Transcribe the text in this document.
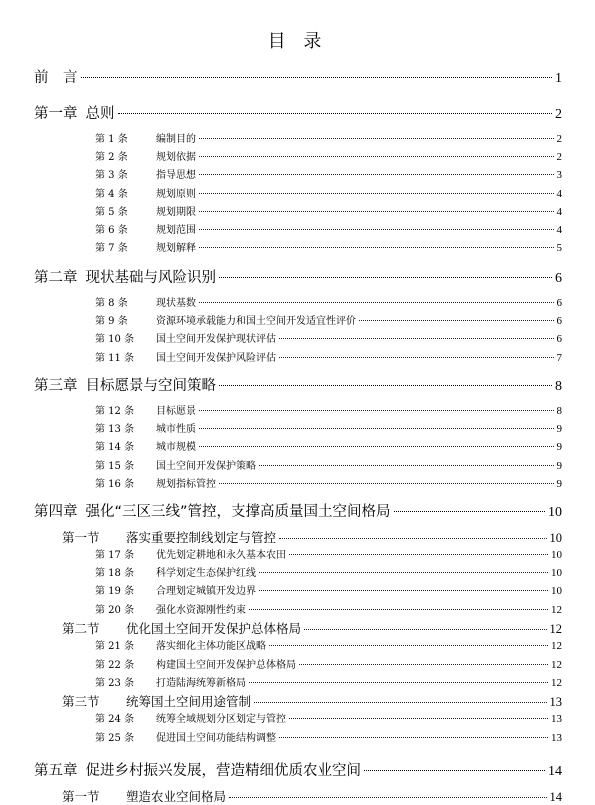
目 录
前　言	1
第一章 总则	2
第 1 条	编制目的	2
第 2 条	规划依据	2
第 3 条	指导思想	3
第 4 条	规划原则	4
第 5 条	规划期限	4
第 6 条	规划范围	4
第 7 条	规划解释	5
第二章 现状基础与风险识别	6
第 8 条	现状基数	6
第 9 条	资源环境承载能力和国土空间开发适宜性评价	6
第 10 条 国土空间开发保护现状评估	6
第 11 条 国土空间开发保护风险评估	7
第三章 目标愿景与空间策略	8
第 12 条 目标愿景	8
第 13 条 城市性质	9
第 14 条 城市规模	9
第 15 条 国土空间开发保护策略	9
第 16 条 规划指标管控	9
第四章 强化“三区三线”管控，支撑高质量国土空间格局	10
第一节 落实重要控制线划定与管控	10
第 17 条 优先划定耕地和永久基本农田	10
第 18 条 科学划定生态保护红线	10
第 19 条 合理划定城镇开发边界	10
第 20 条 强化水资源刚性约束	12
第二节 优化国土空间开发保护总体格局	12
第 21 条 落实细化主体功能区战略	12
第 22 条 构建国土空间开发保护总体格局	12
第 23 条 打造陆海统筹新格局	12
第三节 统筹国土空间用途管制	13
第 24 条 统筹全域规划分区划定与管控	13
第 25 条 促进国土空间功能结构调整	13
第五章 促进乡村振兴发展，营造精细优质农业空间	14
第一节 塑造农业空间格局	14
